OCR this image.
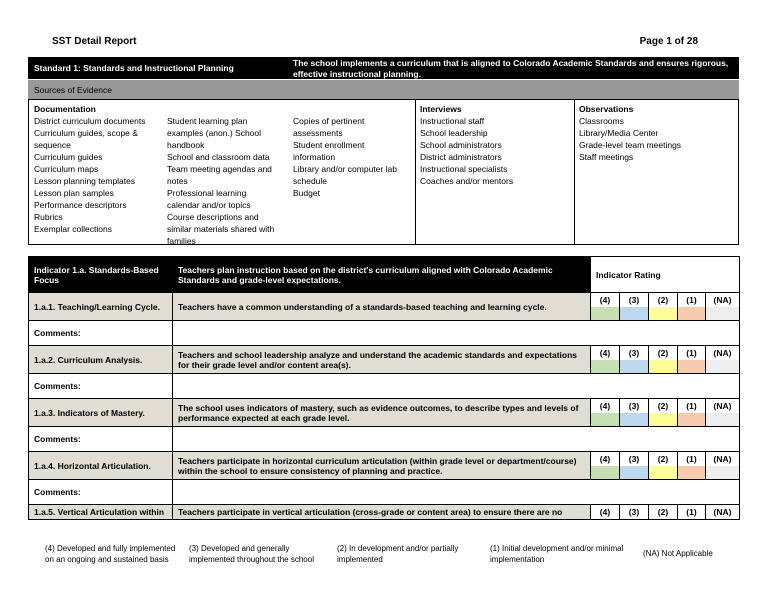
SST Detail Report	Page 1 of 28
Standard 1: Standards and Instructional Planning	The school implements a curriculum that is aligned to Colorado Academic Standards and ensures rigorous, effective instructional planning.
Sources of Evidence
Documentation
District curriculum documents
Curriculum guides, scope &
sequence
Curriculum guides
Curriculum maps
Lesson planning templates
Lesson plan samples
Performance descriptors
Rubrics
Exemplar collections
Student learning plan
examples (anon.) School
handbook
School and classroom data
Team meeting agendas and
notes
Professional learning
calendar and/or topics
Course descriptions and
similar materials shared with
families
Copies of pertinent
assessments
Student enrollment
information
Library and/or computer lab
schedule
Budget
Interviews
Instructional staff
School leadership
School administrators
District administrators
Instructional specialists
Coaches and/or mentors
Observations
Classrooms
Library/Media Center
Grade-level team meetings
Staff meetings
Indicator 1.a. Standards-Based Focus	Teachers plan instruction based on the district's curriculum aligned with Colorado Academic Standards and grade-level expectations.	Indicator Rating				
1.a.1. Teaching/Learning Cycle.	Teachers have a common understanding of a standards-based teaching and learning cycle.	(4)	(3)	(2)	(1)	(NA)

Comments:						
1.a.2. Curriculum Analysis.	Teachers and school leadership analyze and understand the academic standards and expectations for their grade level and/or content area(s).	(4)	(3)	(2)	(1)	(NA)

Comments:						
1.a.3. Indicators of Mastery.	The school uses indicators of mastery, such as evidence outcomes, to describe types and levels of performance expected at each grade level.	(4)	(3)	(2)	(1)	(NA)

Comments:						
1.a.4. Horizontal Articulation.	Teachers participate in horizontal curriculum articulation (within grade level or department/course) within the school to ensure consistency of planning and practice.	(4)	(3)	(2)	(1)	(NA)

Comments:						
1.a.5. Vertical Articulation within	Teachers participate in vertical articulation (cross-grade or content area) to ensure there are no	(4)	(3)	(2)	(1)	(NA)
(4) Developed and fully implemented on an ongoing and sustained basis
(3) Developed and generally implemented throughout the school
(2) In development and/or partially implemented
(1) Initial development and/or minimal implementation
(NA) Not Applicable
